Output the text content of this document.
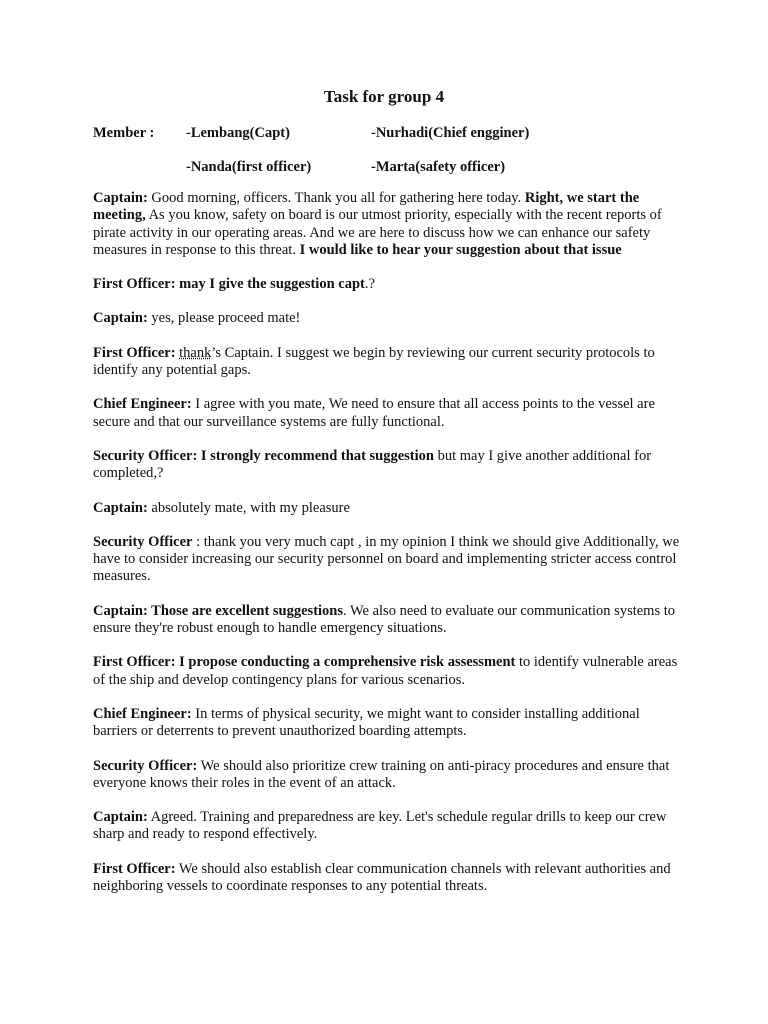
Task for group 4
Member : -Lembang(Capt)	-Nurhadi(Chief engginer)
-Nanda(first officer)	-Marta(safety officer)

Captain: Good morning, officers. Thank you all for gathering here today. Right, we start the meeting, As you know, safety on board is our utmost priority, especially with the recent reports of pirate activity in our operating areas. And we are here to discuss how we can enhance our safety measures in response to this threat. I would like to hear your suggestion about that issue

First Officer: may I give the suggestion capt.?

Captain: yes, please proceed mate!

First Officer: thank’s Captain. I suggest we begin by reviewing our current security protocols to identify any potential gaps.

Chief Engineer: I agree with you mate, We need to ensure that all access points to the vessel are secure and that our surveillance systems are fully functional.

Security Officer: I strongly recommend that suggestion but may I give another additional for completed,?

Captain: absolutely mate, with my pleasure

Security Officer : thank you very much capt , in my opinion I think we should give Additionally, we have to consider increasing our security personnel on board and implementing stricter access control measures.

Captain: Those are excellent suggestions. We also need to evaluate our communication systems to ensure they're robust enough to handle emergency situations.

First Officer: I propose conducting a comprehensive risk assessment to identify vulnerable areas of the ship and develop contingency plans for various scenarios.

Chief Engineer: In terms of physical security, we might want to consider installing additional barriers or deterrents to prevent unauthorized boarding attempts.

Security Officer: We should also prioritize crew training on anti-piracy procedures and ensure that everyone knows their roles in the event of an attack.

Captain: Agreed. Training and preparedness are key. Let's schedule regular drills to keep our crew sharp and ready to respond effectively.

First Officer: We should also establish clear communication channels with relevant authorities and neighboring vessels to coordinate responses to any potential threats.
